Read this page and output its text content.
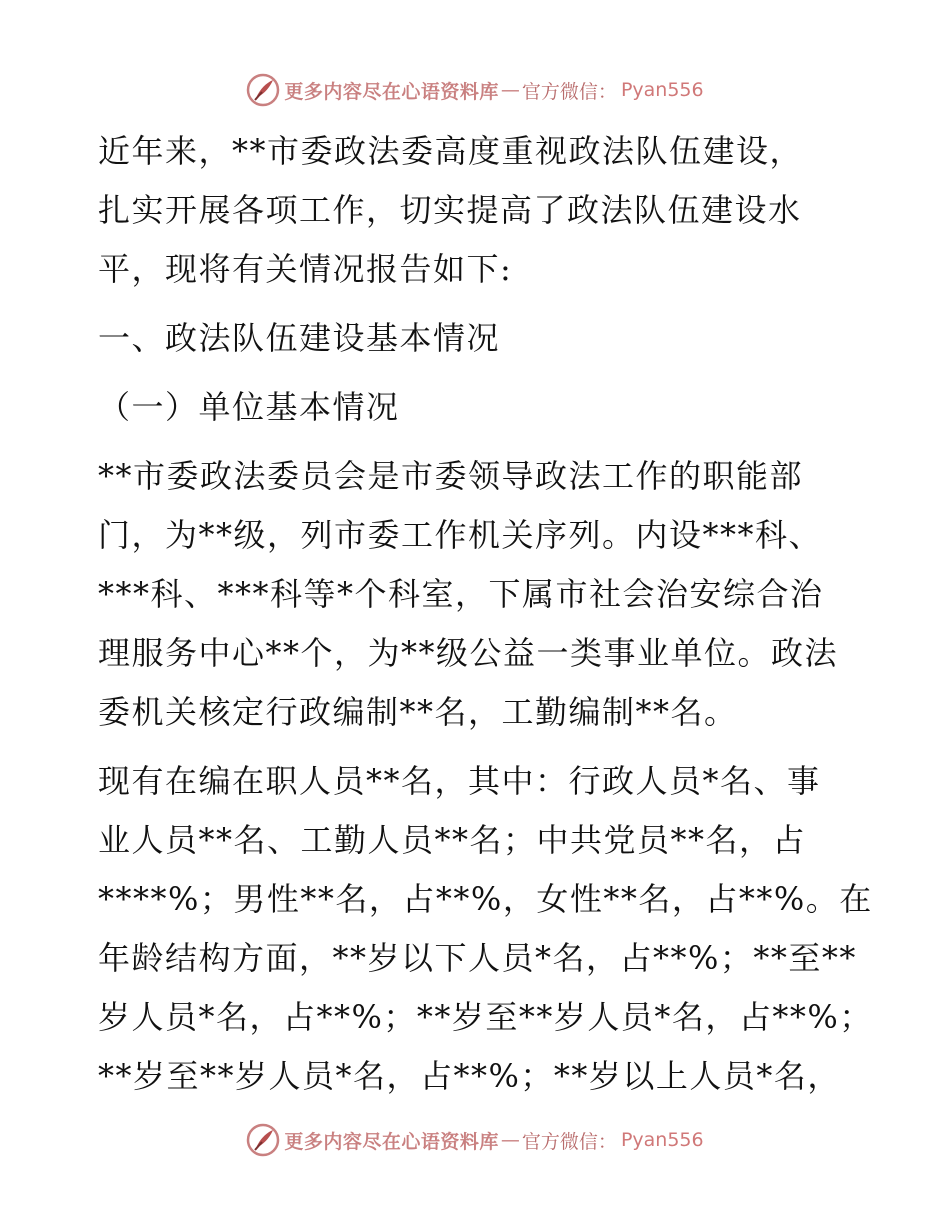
更多内容尽在心语资料库 — 官方微信： Pyan556
近年来，**市委政法委高度重视政法队伍建设，
扎实开展各项工作，切实提高了政法队伍建设水
平，现将有关情况报告如下:
一、政法队伍建设基本情况
（一）单位基本情况
**市委政法委员会是市委领导政法工作的职能部
门，为**级，列市委工作机关序列。内设***科、
***科、***科等*个科室，下属市社会治安综合治
理服务中心**个，为**级公益一类事业单位。政法
委机关核定行政编制**名，工勤编制**名。
现有在编在职人员**名，其中：行政人员*名、事
业人员**名、工勤人员**名；中共党员**名，占
****%；男性**名，占**%，女性**名，占**%。在
年龄结构方面，**岁以下人员*名，占**%；**至**
岁人员*名，占**%；**岁至**岁人员*名，占**%；
**岁至**岁人员*名，占**%；**岁以上人员*名，
更多内容尽在心语资料库 — 官方微信： Pyan556
